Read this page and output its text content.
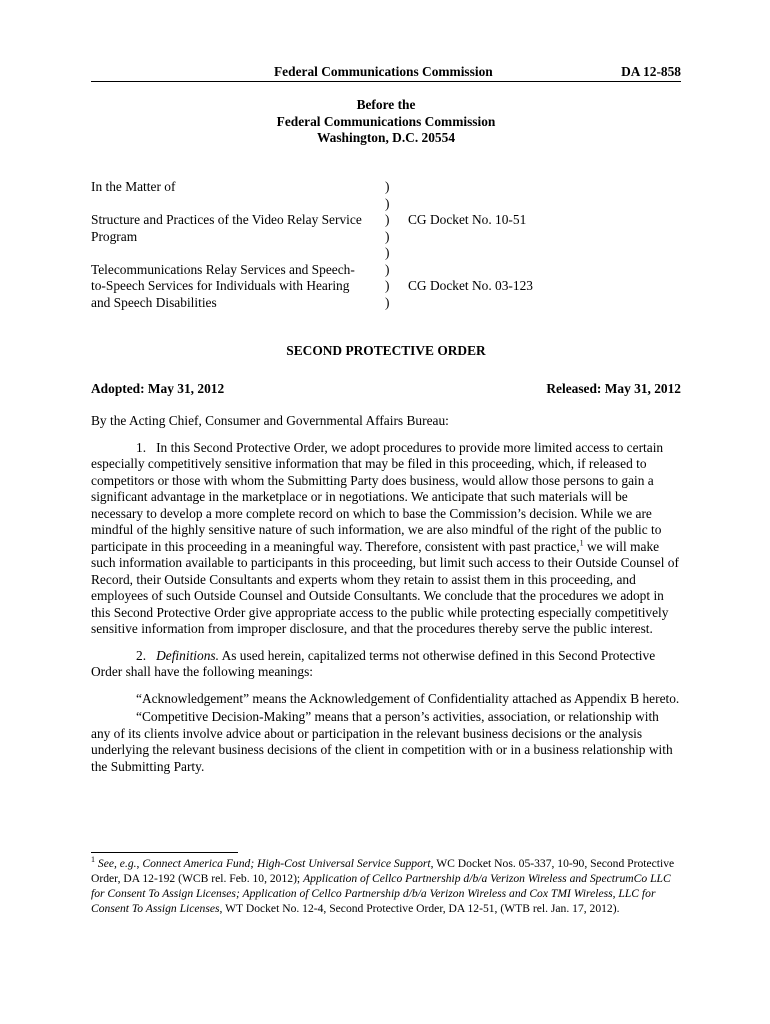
Federal Communications Commission	DA 12-858
Before the
Federal Communications Commission
Washington, D.C. 20554
In the Matter of	)
)
Structure and Practices of the Video Relay Service	) CG Docket No. 10-51
Program	)
)
Telecommunications Relay Services and Speech-	)
to-Speech Services for Individuals with Hearing	) CG Docket No. 03-123
and Speech Disabilities	)
SECOND PROTECTIVE ORDER
Adopted: May 31, 2012	Released: May 31, 2012

By the Acting Chief, Consumer and Governmental Affairs Bureau:

1.   In this Second Protective Order, we adopt procedures to provide more limited access to certain especially competitively sensitive information that may be filed in this proceeding, which, if released to competitors or those with whom the Submitting Party does business, would allow those persons to gain a significant advantage in the marketplace or in negotiations. We anticipate that such materials will be necessary to develop a more complete record on which to base the Commission’s decision. While we are mindful of the highly sensitive nature of such information, we are also mindful of the right of the public to participate in this proceeding in a meaningful way. Therefore, consistent with past practice,$^1$ we will make such information available to participants in this proceeding, but limit such access to their Outside Counsel of Record, their Outside Consultants and experts whom they retain to assist them in this proceeding, and employees of such Outside Counsel and Outside Consultants. We conclude that the procedures we adopt in this Second Protective Order give appropriate access to the public while protecting especially competitively sensitive information from improper disclosure, and that the procedures thereby serve the public interest.

2.   Definitions. As used herein, capitalized terms not otherwise defined in this Second Protective Order shall have the following meanings:

“Acknowledgement” means the Acknowledgement of Confidentiality attached as Appendix B hereto.

“Competitive Decision-Making” means that a person’s activities, association, or relationship with any of its clients involve advice about or participation in the relevant business decisions or the analysis underlying the relevant business decisions of the client in competition with or in a business relationship with the Submitting Party.

$^1$ See, e.g., Connect America Fund; High-Cost Universal Service Support, WC Docket Nos. 05-337, 10-90, Second Protective Order, DA 12-192 (WCB rel. Feb. 10, 2012); Application of Cellco Partnership d/b/a Verizon Wireless and SpectrumCo LLC for Consent To Assign Licenses; Application of Cellco Partnership d/b/a Verizon Wireless and Cox TMI Wireless, LLC for Consent To Assign Licenses, WT Docket No. 12-4, Second Protective Order, DA 12-51, (WTB rel. Jan. 17, 2012).
